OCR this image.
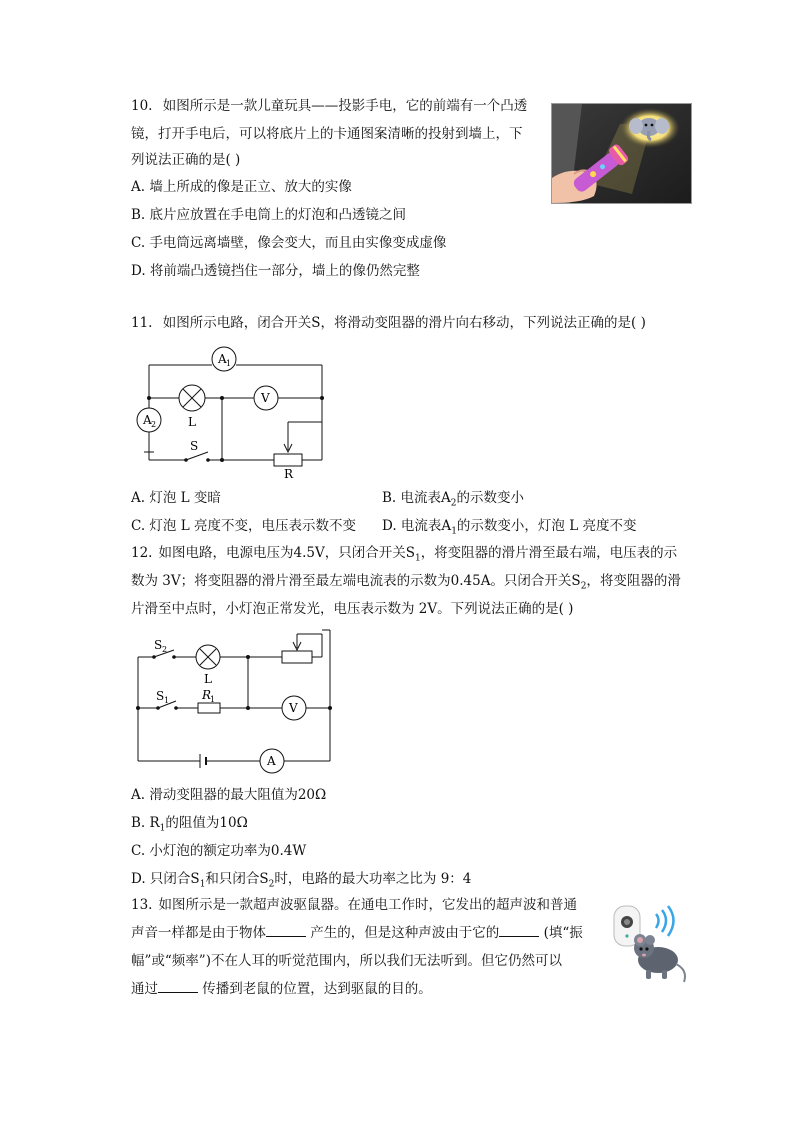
10. 如图所示是一款儿童玩具——投影手电，它的前端有一个凸透
镜，打开手电后，可以将底片上的卡通图案清晰的投射到墙上，下
列说法正确的是( )
A. 墙上所成的像是正立、放大的实像
B. 底片应放置在手电筒上的灯泡和凸透镜之间
C. 手电筒远离墙壁，像会变大，而且由实像变成虚像
D. 将前端凸透镜挡住一部分，墙上的像仍然完整
11. 如图所示电路，闭合开关S，将滑动变阻器的滑片向右移动，下列说法正确的是( )
A 1
L
V
A 2
S
R
A. 灯泡 L 变暗	B. 电流表$A_2$的示数变小
C. 灯泡 L 亮度不变，电压表示数不变 D. 电流表$A_1$的示数变小，灯泡 L 亮度不变
12. 如图电路，电源电压为4.5V，只闭合开关$S_1$，将变阻器的滑片滑至最右端，电压表的示
数为 3V；将变阻器的滑片滑至最左端电流表的示数为0.45A。只闭合开关$S_2$，将变阻器的滑
片滑至中点时，小灯泡正常发光，电压表示数为 2V。下列说法正确的是( )
S 2
S 1
L
R
1
V
A
A. 滑动变阻器的最大阻值为20Ω
B. $R_1$的阻值为10Ω
C. 小灯泡的额定功率为0.4W
D. 只闭合$S_1$和只闭合$S_2$时，电路的最大功率之比为 9：4
13. 如图所示是一款超声波驱鼠器。在通电工作时，它发出的超声波和普通
声音一样都是由于物体	产生的，但是这种声波由于它的	(填“振
幅”或“频率”)不在人耳的听觉范围内，所以我们无法听到。但它仍然可以
通过	传播到老鼠的位置，达到驱鼠的目的。
